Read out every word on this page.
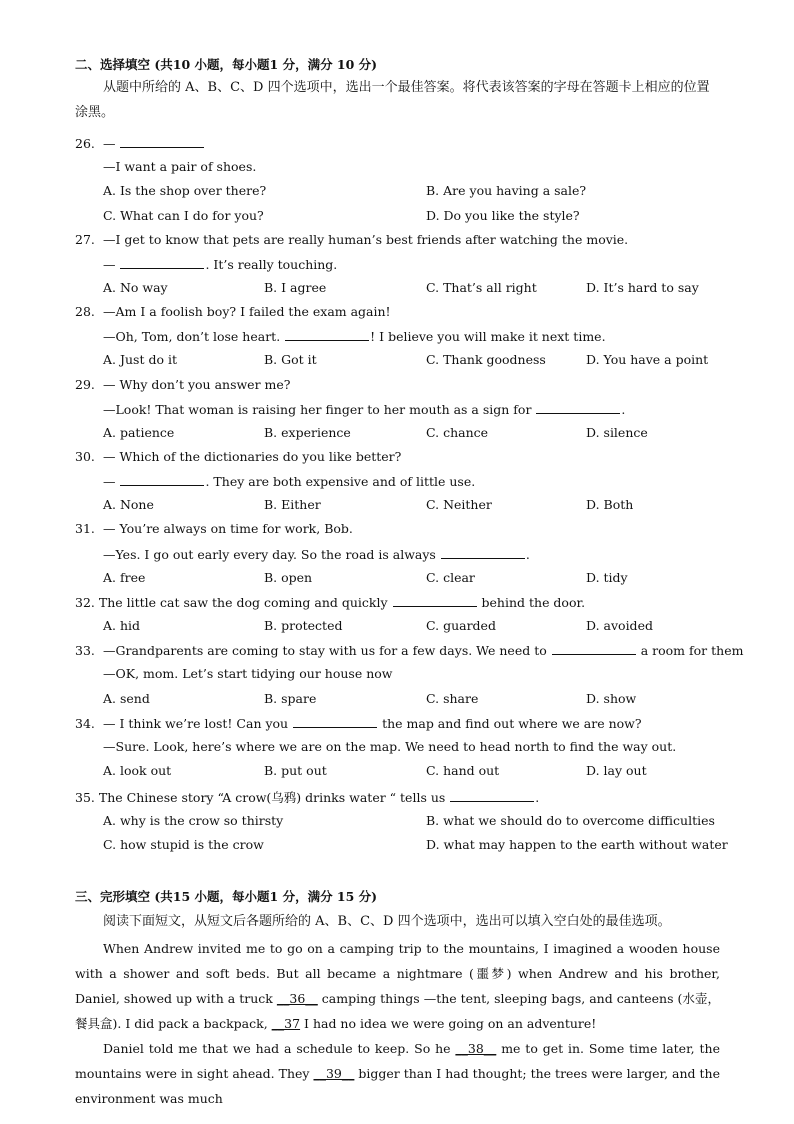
二、选择填空 (共10 小题，每小题1 分，满分 10 分)
从题中所给的 A、B、C、D 四个选项中，选出一个最佳答案。将代表该答案的字母在答题卡上相应的位置涂黑。
26. —
—I want a pair of shoes.
A. Is the shop over there?	B. Are you having a sale?
C. What can I do for you?	D. Do you like the style?
27. —I get to know that pets are really human’s best friends after watching the movie.
—	. It’s really touching.
A. No way	B. I agree	C. That’s all right	D. It’s hard to say
28. —Am I a foolish boy? I failed the exam again!
—Oh, Tom, don’t lose heart.	! I believe you will make it next time.
A. Just do it	B. Got it	C. Thank goodness	D. You have a point
29. — Why don’t you answer me?
—Look! That woman is raising her finger to her mouth as a sign for	.
A. patience	B. experience	C. chance	D. silence
30. — Which of the dictionaries do you like better?
—	. They are both expensive and of little use.
A. None	B. Either	C. Neither	D. Both
31. — You’re always on time for work, Bob.
—Yes. I go out early every day. So the road is always	.
A. free	B. open	C. clear	D. tidy
32. The little cat saw the dog coming and quickly	behind the door.
A. hid	B. protected	C. guarded	D. avoided
33. —Grandparents are coming to stay with us for a few days. We need to	a room for them
—OK, mom. Let’s start tidying our house now
A. send	B. spare	C. share	D. show
34. — I think we’re lost! Can you	the map and find out where we are now?
—Sure. Look, here’s where we are on the map. We need to head north to find the way out.
A. look out	B. put out	C. hand out	D. lay out
35. The Chinese story “A crow(乌鸦) drinks water “ tells us	.
A. why is the crow so thirsty	B. what we should do to overcome difficulties
C. how stupid is the crow	D. what may happen to the earth without water
三、完形填空 (共15 小题，每小题1 分，满分 15 分)
阅读下面短文，从短文后各题所给的 A、B、C、D 四个选项中，选出可以填入空白处的最佳选项。
When Andrew invited me to go on a camping trip to the mountains, I imagined a wooden house with a shower and soft beds. But all became a nightmare (噩梦) when Andrew and his brother, Daniel, showed up with a truck __36__ camping things —the tent, sleeping bags, and canteens (水壶，餐具盒). I did pack a backpack, __37 I had no idea we were going on an adventure!
Daniel told me that we had a schedule to keep. So he __38__ me to get in. Some time later, the mountains were in sight ahead. They __39__ bigger than I had thought; the trees were larger, and the environment was much
